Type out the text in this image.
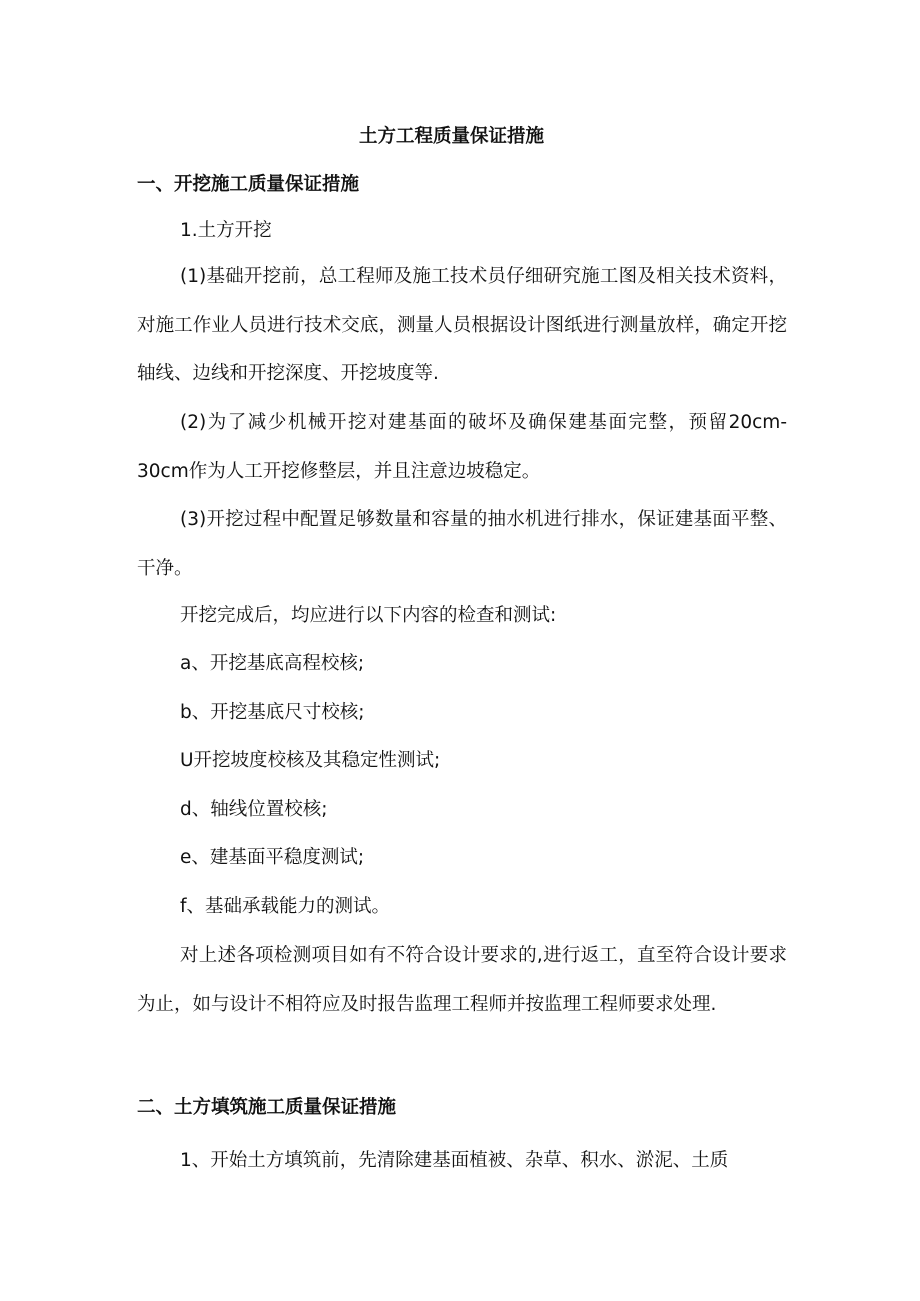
土方工程质量保证措施
一、开挖施工质量保证措施
1.土方开挖
(1)基础开挖前，总工程师及施工技术员仔细研究施工图及相关技术资料，对施工作业人员进行技术交底，测量人员根据设计图纸进行测量放样，确定开挖轴线、边线和开挖深度、开挖坡度等.
(2)为了减少机械开挖对建基面的破坏及确保建基面完整，预留20cm-30cm作为人工开挖修整层，并且注意边坡稳定。
(3)开挖过程中配置足够数量和容量的抽水机进行排水，保证建基面平整、干净。
开挖完成后，均应进行以下内容的检查和测试:
a、开挖基底高程校核;
b、开挖基底尺寸校核;
U开挖坡度校核及其稳定性测试;
d、轴线位置校核;
e、建基面平稳度测试;
f、基础承载能力的测试。
对上述各项检测项目如有不符合设计要求的,进行返工，直至符合设计要求为止，如与设计不相符应及时报告监理工程师并按监理工程师要求处理.
二、土方填筑施工质量保证措施
1、开始土方填筑前，先清除建基面植被、杂草、积水、淤泥、土质
